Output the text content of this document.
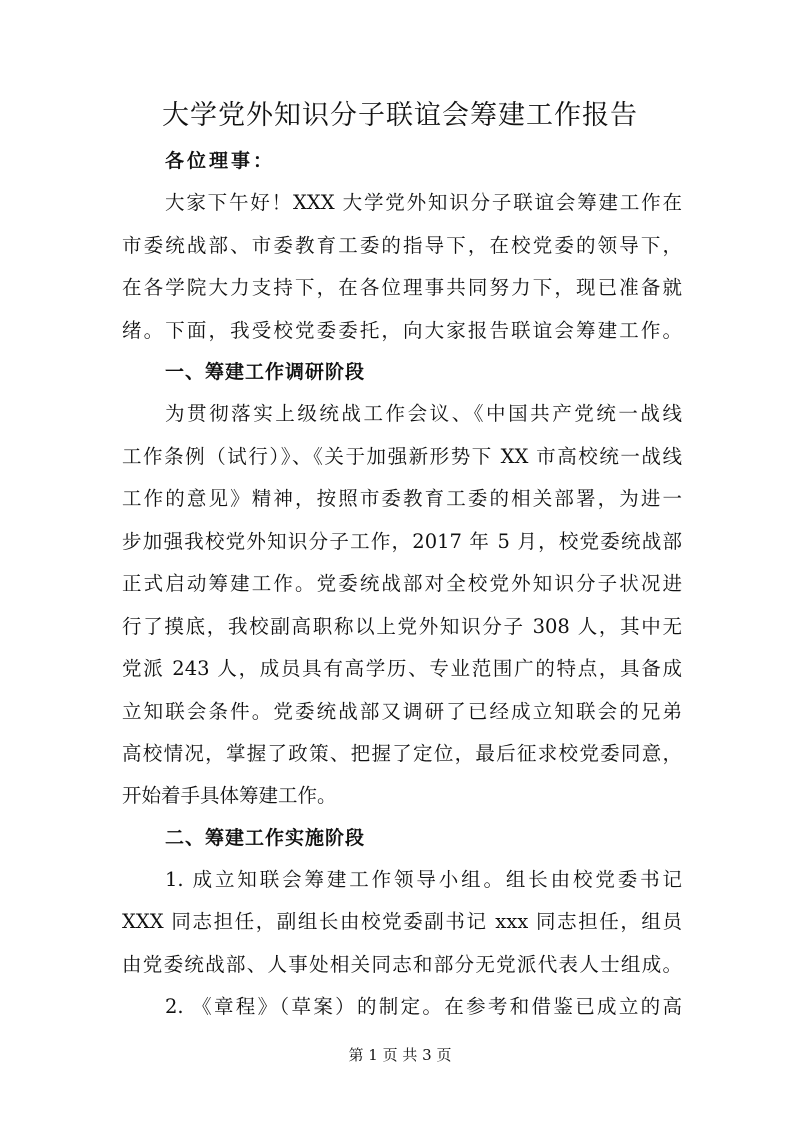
大学党外知识分子联谊会筹建工作报告
各位理事：
大家下午好！XXX 大学党外知识分子联谊会筹建工作在
市委统战部、市委教育工委的指导下，在校党委的领导下，
在各学院大力支持下，在各位理事共同努力下，现已准备就
绪。下面，我受校党委委托，向大家报告联谊会筹建工作。
一、筹建工作调研阶段
为贯彻落实上级统战工作会议、《中国共产党统一战线
工作条例（试行）》、《关于加强新形势下 XX 市高校统一战线
工作的意见》精神，按照市委教育工委的相关部署，为进一
步加强我校党外知识分子工作，2017 年 5 月，校党委统战部
正式启动筹建工作。党委统战部对全校党外知识分子状况进
行了摸底，我校副高职称以上党外知识分子 308 人，其中无
党派 243 人，成员具有高学历、专业范围广的特点，具备成
立知联会条件。党委统战部又调研了已经成立知联会的兄弟
高校情况，掌握了政策、把握了定位，最后征求校党委同意，
开始着手具体筹建工作。
二、筹建工作实施阶段
1. 成立知联会筹建工作领导小组。组长由校党委书记
XXX 同志担任，副组长由校党委副书记 xxx 同志担任，组员
由党委统战部、人事处相关同志和部分无党派代表人士组成。
2. 《章程》（草案）的制定。在参考和借鉴已成立的高
第 1 页 共 3 页
